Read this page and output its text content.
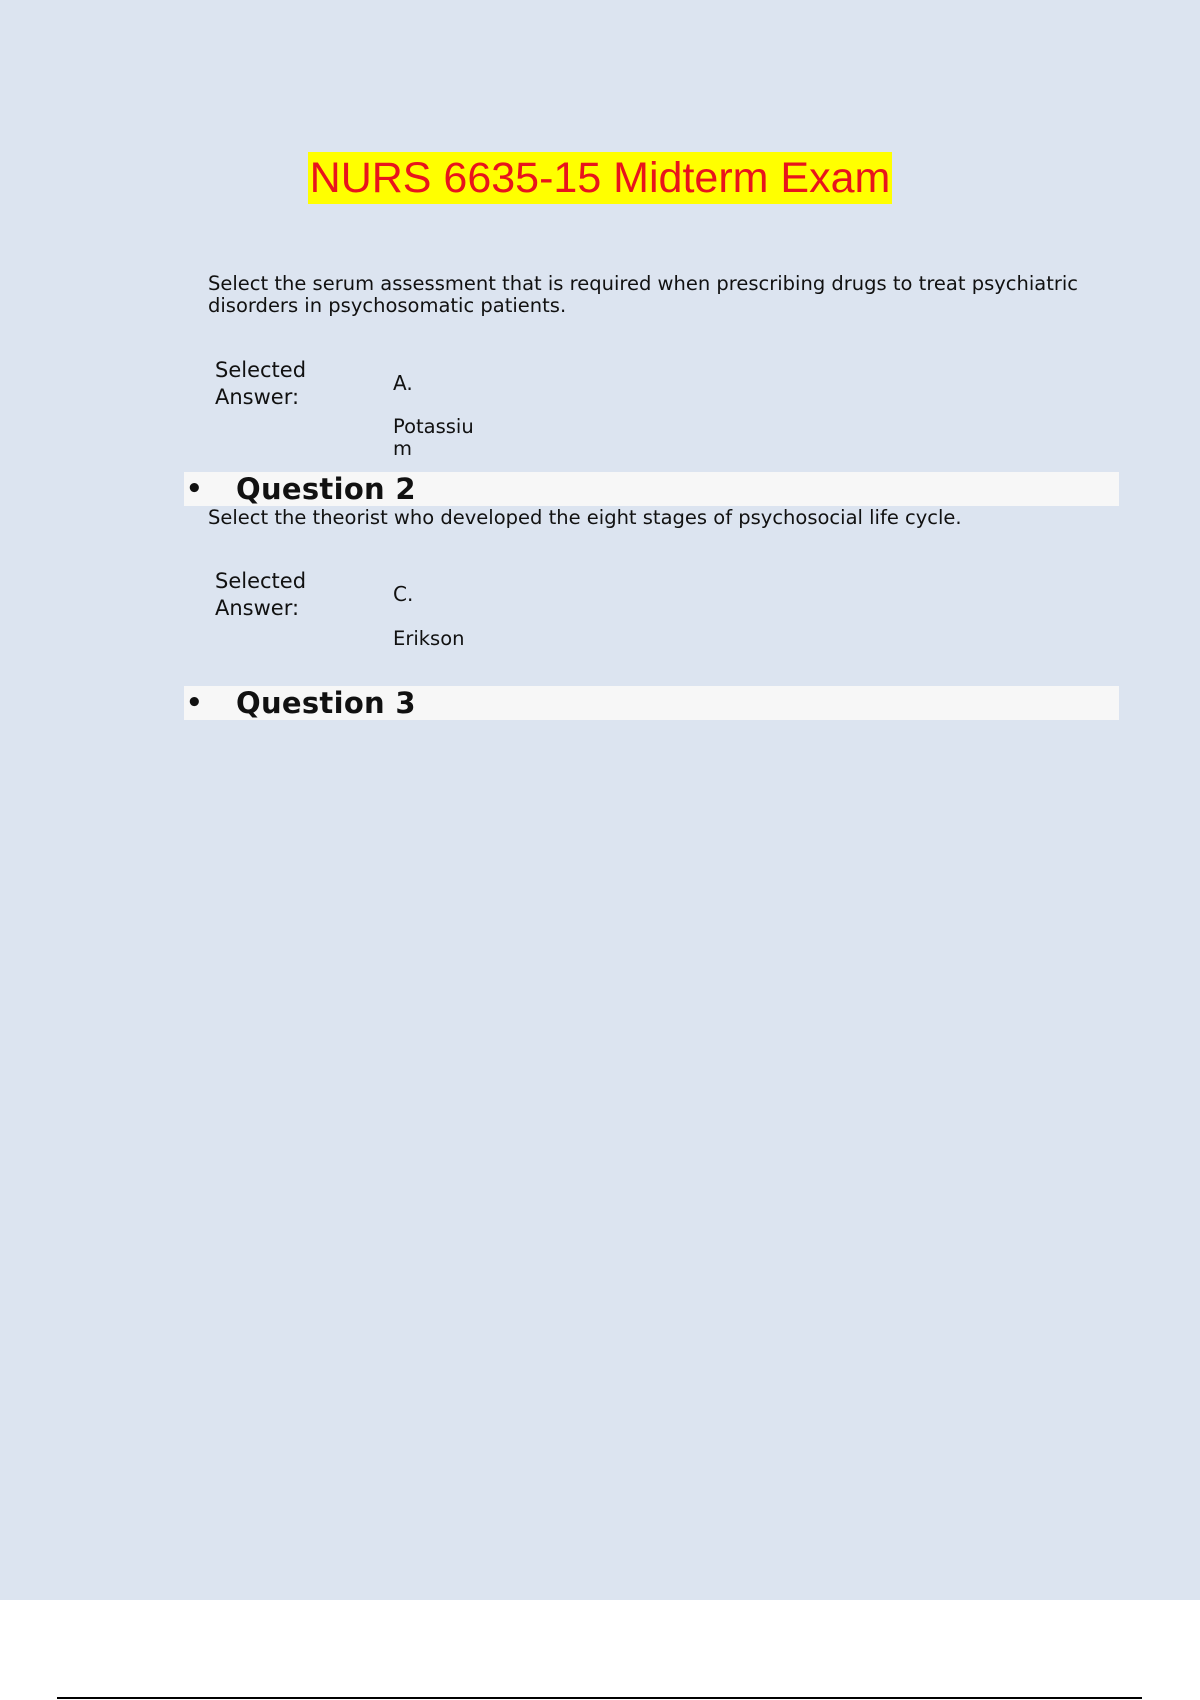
NURS 6635-15 Midterm Exam
Select the serum assessment that is required when prescribing drugs to treat psychiatric disorders in psychosomatic patients.
Selected Answer:
A.
Potassium
• Question 2
Select the theorist who developed the eight stages of psychosocial life cycle.
Selected Answer:
C.
Erikson
• Question 3
